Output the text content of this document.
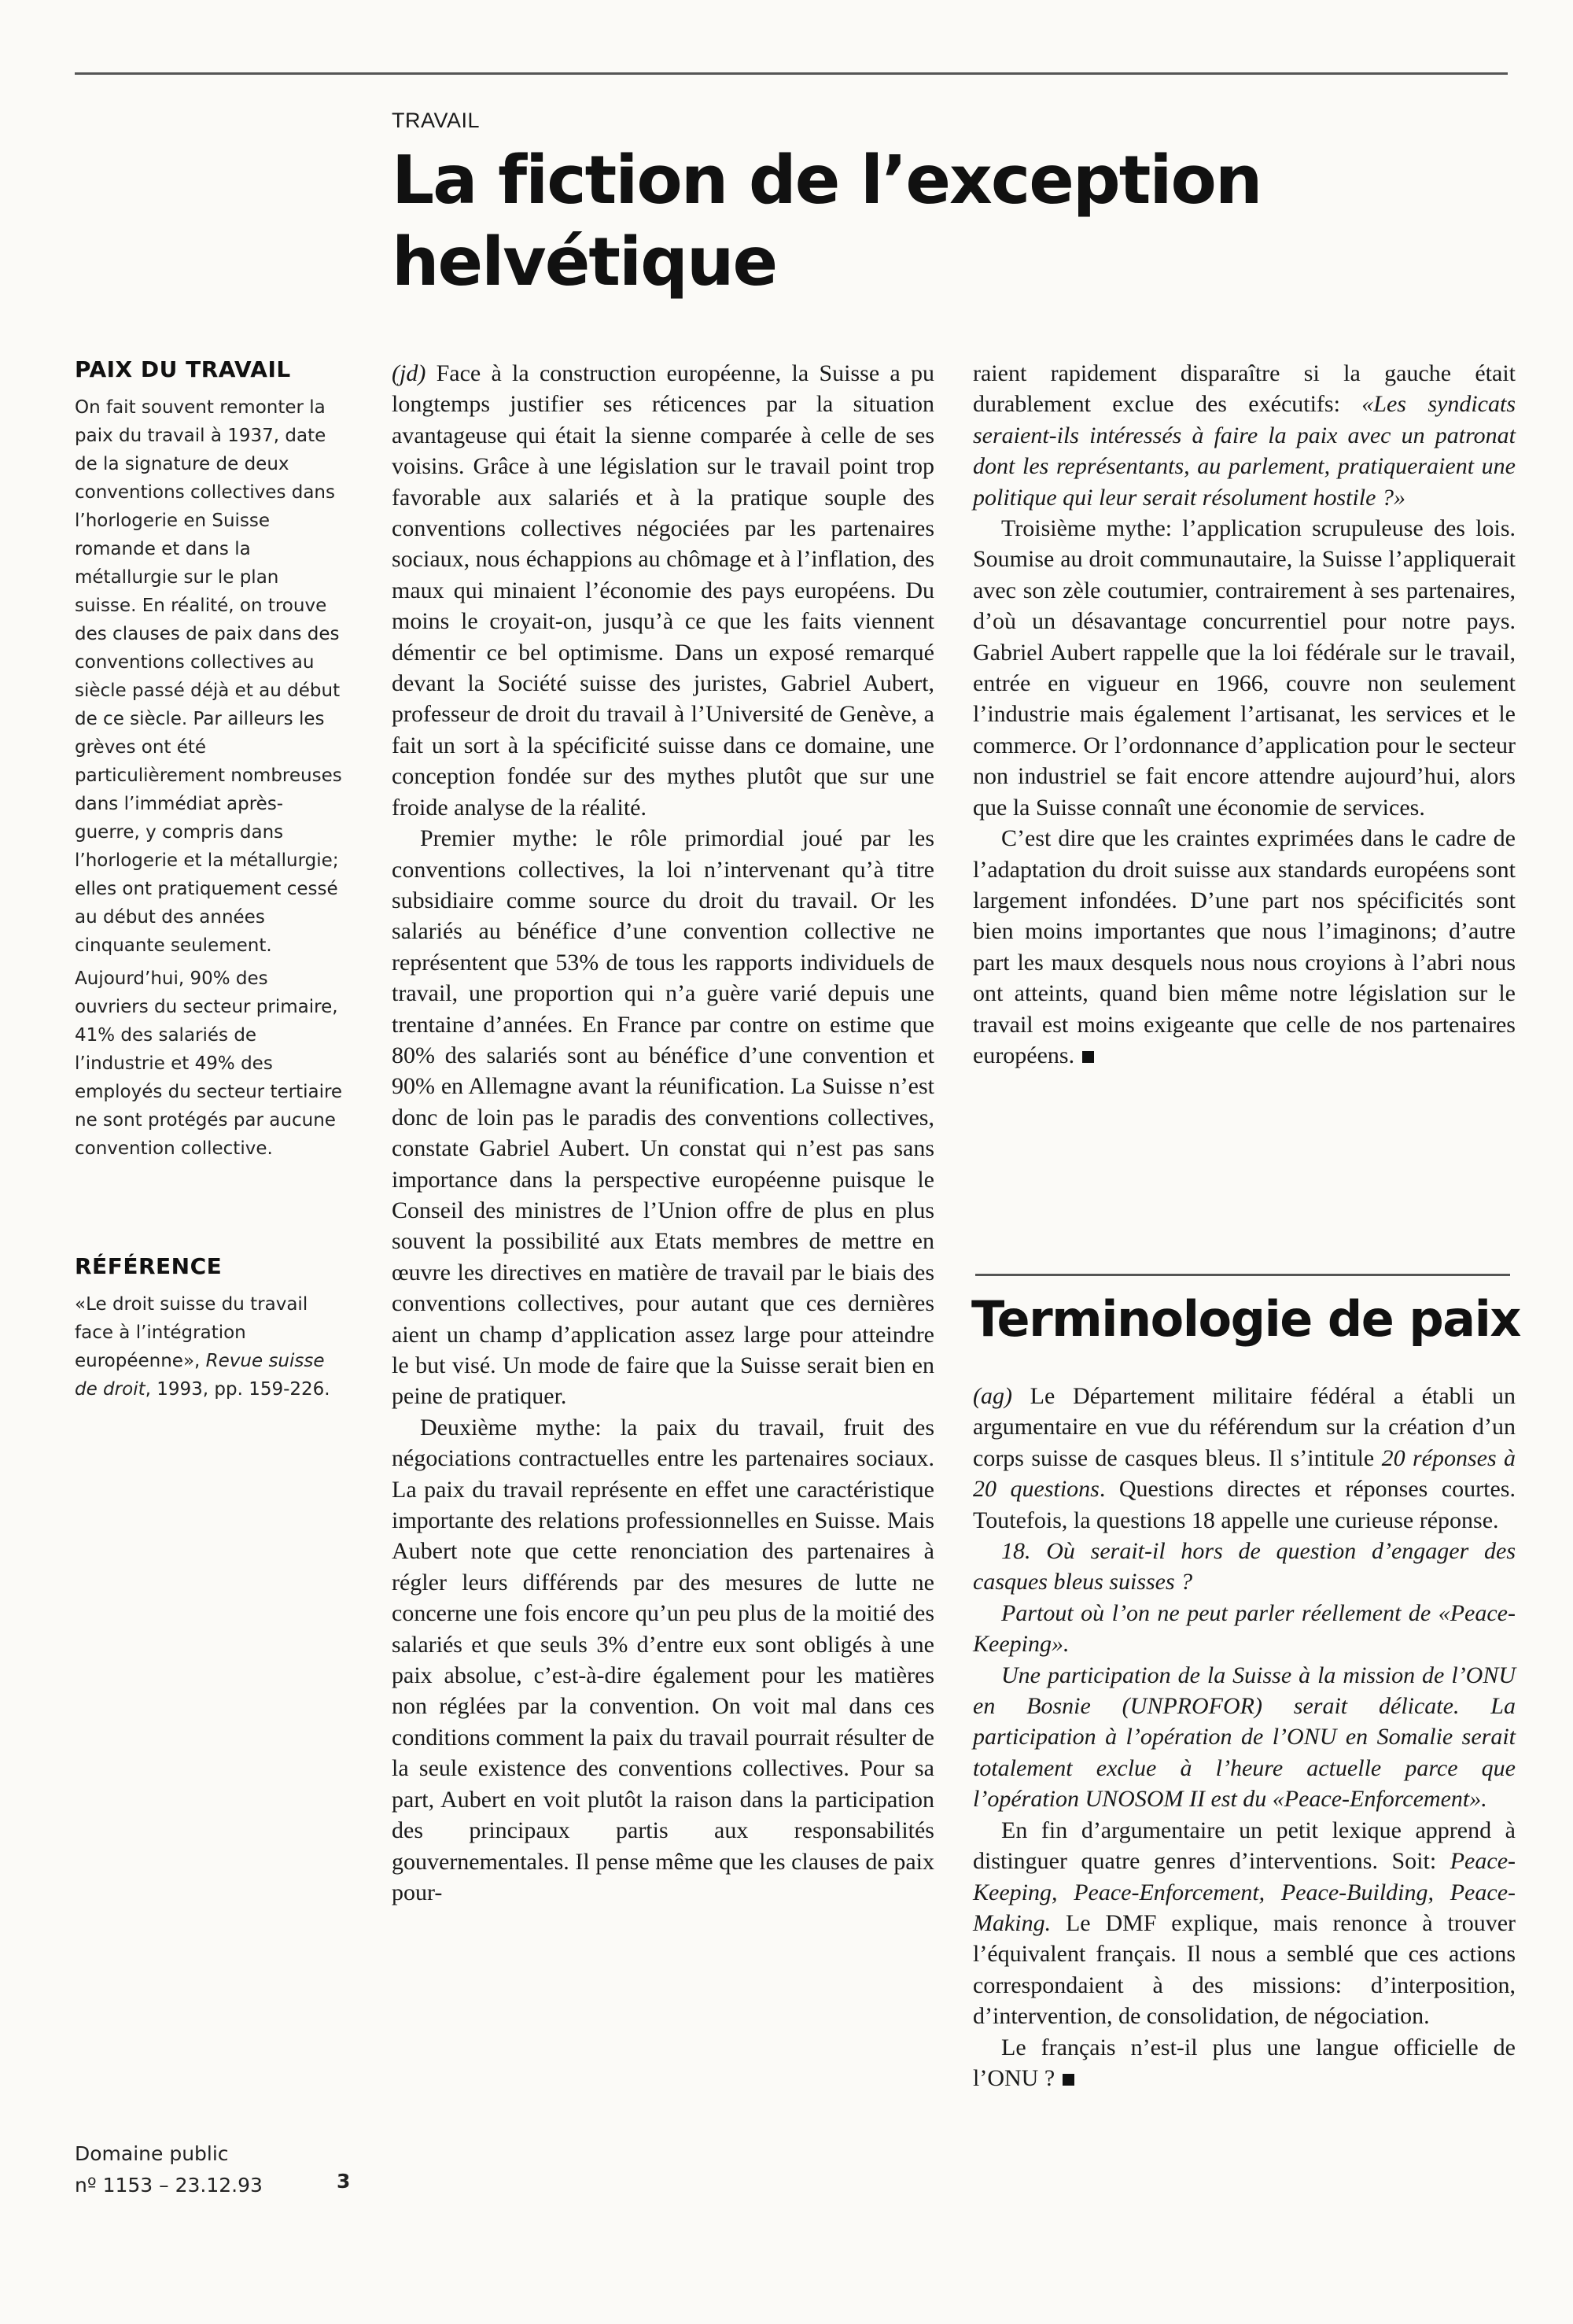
TRAVAIL
La fiction de l’exception helvétique
PAIX DU TRAVAIL

On fait souvent remonter la paix du travail à 1937, date de la signature de deux conventions collectives dans l’horlogerie en Suisse romande et dans la métallurgie sur le plan suisse. En réalité, on trouve des clauses de paix dans des conventions collectives au siècle passé déjà et au début de ce siècle. Par ailleurs les grèves ont été particulièrement nombreuses dans l’immédiat après-guerre, y compris dans l’horlogerie et la métallurgie; elles ont pratiquement cessé au début des années cinquante seulement.

Aujourd’hui, 90% des ouvriers du secteur primaire, 41% des salariés de l’industrie et 49% des employés du secteur tertiaire ne sont protégés par aucune convention collective.

RÉFÉRENCE

«Le droit suisse du travail face à l’intégration européenne», Revue suisse de droit, 1993, pp. 159-226.

(jd) Face à la construction européenne, la Suisse a pu longtemps justifier ses réticences par la situation avantageuse qui était la sienne comparée à celle de ses voisins. Grâce à une législation sur le travail point trop favorable aux salariés et à la pratique souple des conventions collectives négociées par les partenaires sociaux, nous échappions au chômage et à l’inflation, des maux qui minaient l’économie des pays européens. Du moins le croyait-on, jusqu’à ce que les faits viennent démentir ce bel optimisme. Dans un exposé remarqué devant la Société suisse des juristes, Gabriel Aubert, professeur de droit du travail à l’Université de Genève, a fait un sort à la spécificité suisse dans ce domaine, une conception fondée sur des mythes plutôt que sur une froide analyse de la réalité.

Premier mythe: le rôle primordial joué par les conventions collectives, la loi n’intervenant qu’à titre subsidiaire comme source du droit du travail. Or les salariés au bénéfice d’une convention collective ne représentent que 53% de tous les rapports individuels de travail, une proportion qui n’a guère varié depuis une trentaine d’années. En France par contre on estime que 80% des salariés sont au bénéfice d’une convention et 90% en Allemagne avant la réunification. La Suisse n’est donc de loin pas le paradis des conventions collectives, constate Gabriel Aubert. Un constat qui n’est pas sans importance dans la perspective européenne puisque le Conseil des ministres de l’Union offre de plus en plus souvent la possibilité aux Etats membres de mettre en œuvre les directives en matière de travail par le biais des conventions collectives, pour autant que ces dernières aient un champ d’application assez large pour atteindre le but visé. Un mode de faire que la Suisse serait bien en peine de pratiquer.

Deuxième mythe: la paix du travail, fruit des négociations contractuelles entre les partenaires sociaux. La paix du travail représente en effet une caractéristique importante des relations professionnelles en Suisse. Mais Aubert note que cette renonciation des partenaires à régler leurs différends par des mesures de lutte ne concerne une fois encore qu’un peu plus de la moitié des salariés et que seuls 3% d’entre eux sont obligés à une paix absolue, c’est-à-dire également pour les matières non réglées par la convention. On voit mal dans ces conditions comment la paix du travail pourrait résulter de la seule existence des conventions collectives. Pour sa part, Aubert en voit plutôt la raison dans la participation des principaux partis aux responsabilités gouvernementales. Il pense même que les clauses de paix pour-

raient rapidement disparaître si la gauche était durablement exclue des exécutifs: «Les syndicats seraient-ils intéressés à faire la paix avec un patronat dont les représentants, au parlement, pratiqueraient une politique qui leur serait résolument hostile ?»

Troisième mythe: l’application scrupuleuse des lois. Soumise au droit communautaire, la Suisse l’appliquerait avec son zèle coutumier, contrairement à ses partenaires, d’où un désavantage concurrentiel pour notre pays. Gabriel Aubert rappelle que la loi fédérale sur le travail, entrée en vigueur en 1966, couvre non seulement l’industrie mais également l’artisanat, les services et le commerce. Or l’ordonnance d’application pour le secteur non industriel se fait encore attendre aujourd’hui, alors que la Suisse connaît une économie de services.

C’est dire que les craintes exprimées dans le cadre de l’adaptation du droit suisse aux standards européens sont largement infondées. D’une part nos spécificités sont bien moins importantes que nous l’imaginons; d’autre part les maux desquels nous nous croyions à l’abri nous ont atteints, quand bien même notre législation sur le travail est moins exigeante que celle de nos partenaires européens.

Terminologie de paix

(ag) Le Département militaire fédéral a établi un argumentaire en vue du référendum sur la création d’un corps suisse de casques bleus. Il s’intitule 20 réponses à 20 questions. Questions directes et réponses courtes. Toutefois, la questions 18 appelle une curieuse réponse.

18. Où serait-il hors de question d’engager des casques bleus suisses ?

Partout où l’on ne peut parler réellement de «Peace-Keeping».

Une participation de la Suisse à la mission de l’ONU en Bosnie (UNPROFOR) serait délicate. La participation à l’opération de l’ONU en Somalie serait totalement exclue à l’heure actuelle parce que l’opération UNOSOM II est du «Peace-Enforcement».

En fin d’argumentaire un petit lexique apprend à distinguer quatre genres d’interventions. Soit: Peace-Keeping, Peace-Enforcement, Peace-Building, Peace-Making. Le DMF explique, mais renonce à trouver l’équivalent français. Il nous a semblé que ces actions correspondaient à des missions: d’interposition, d’intervention, de consolidation, de négociation.

Le français n’est-il plus une langue officielle de l’ONU ?

Domaine public
nº 1153 – 23.12.93	3
